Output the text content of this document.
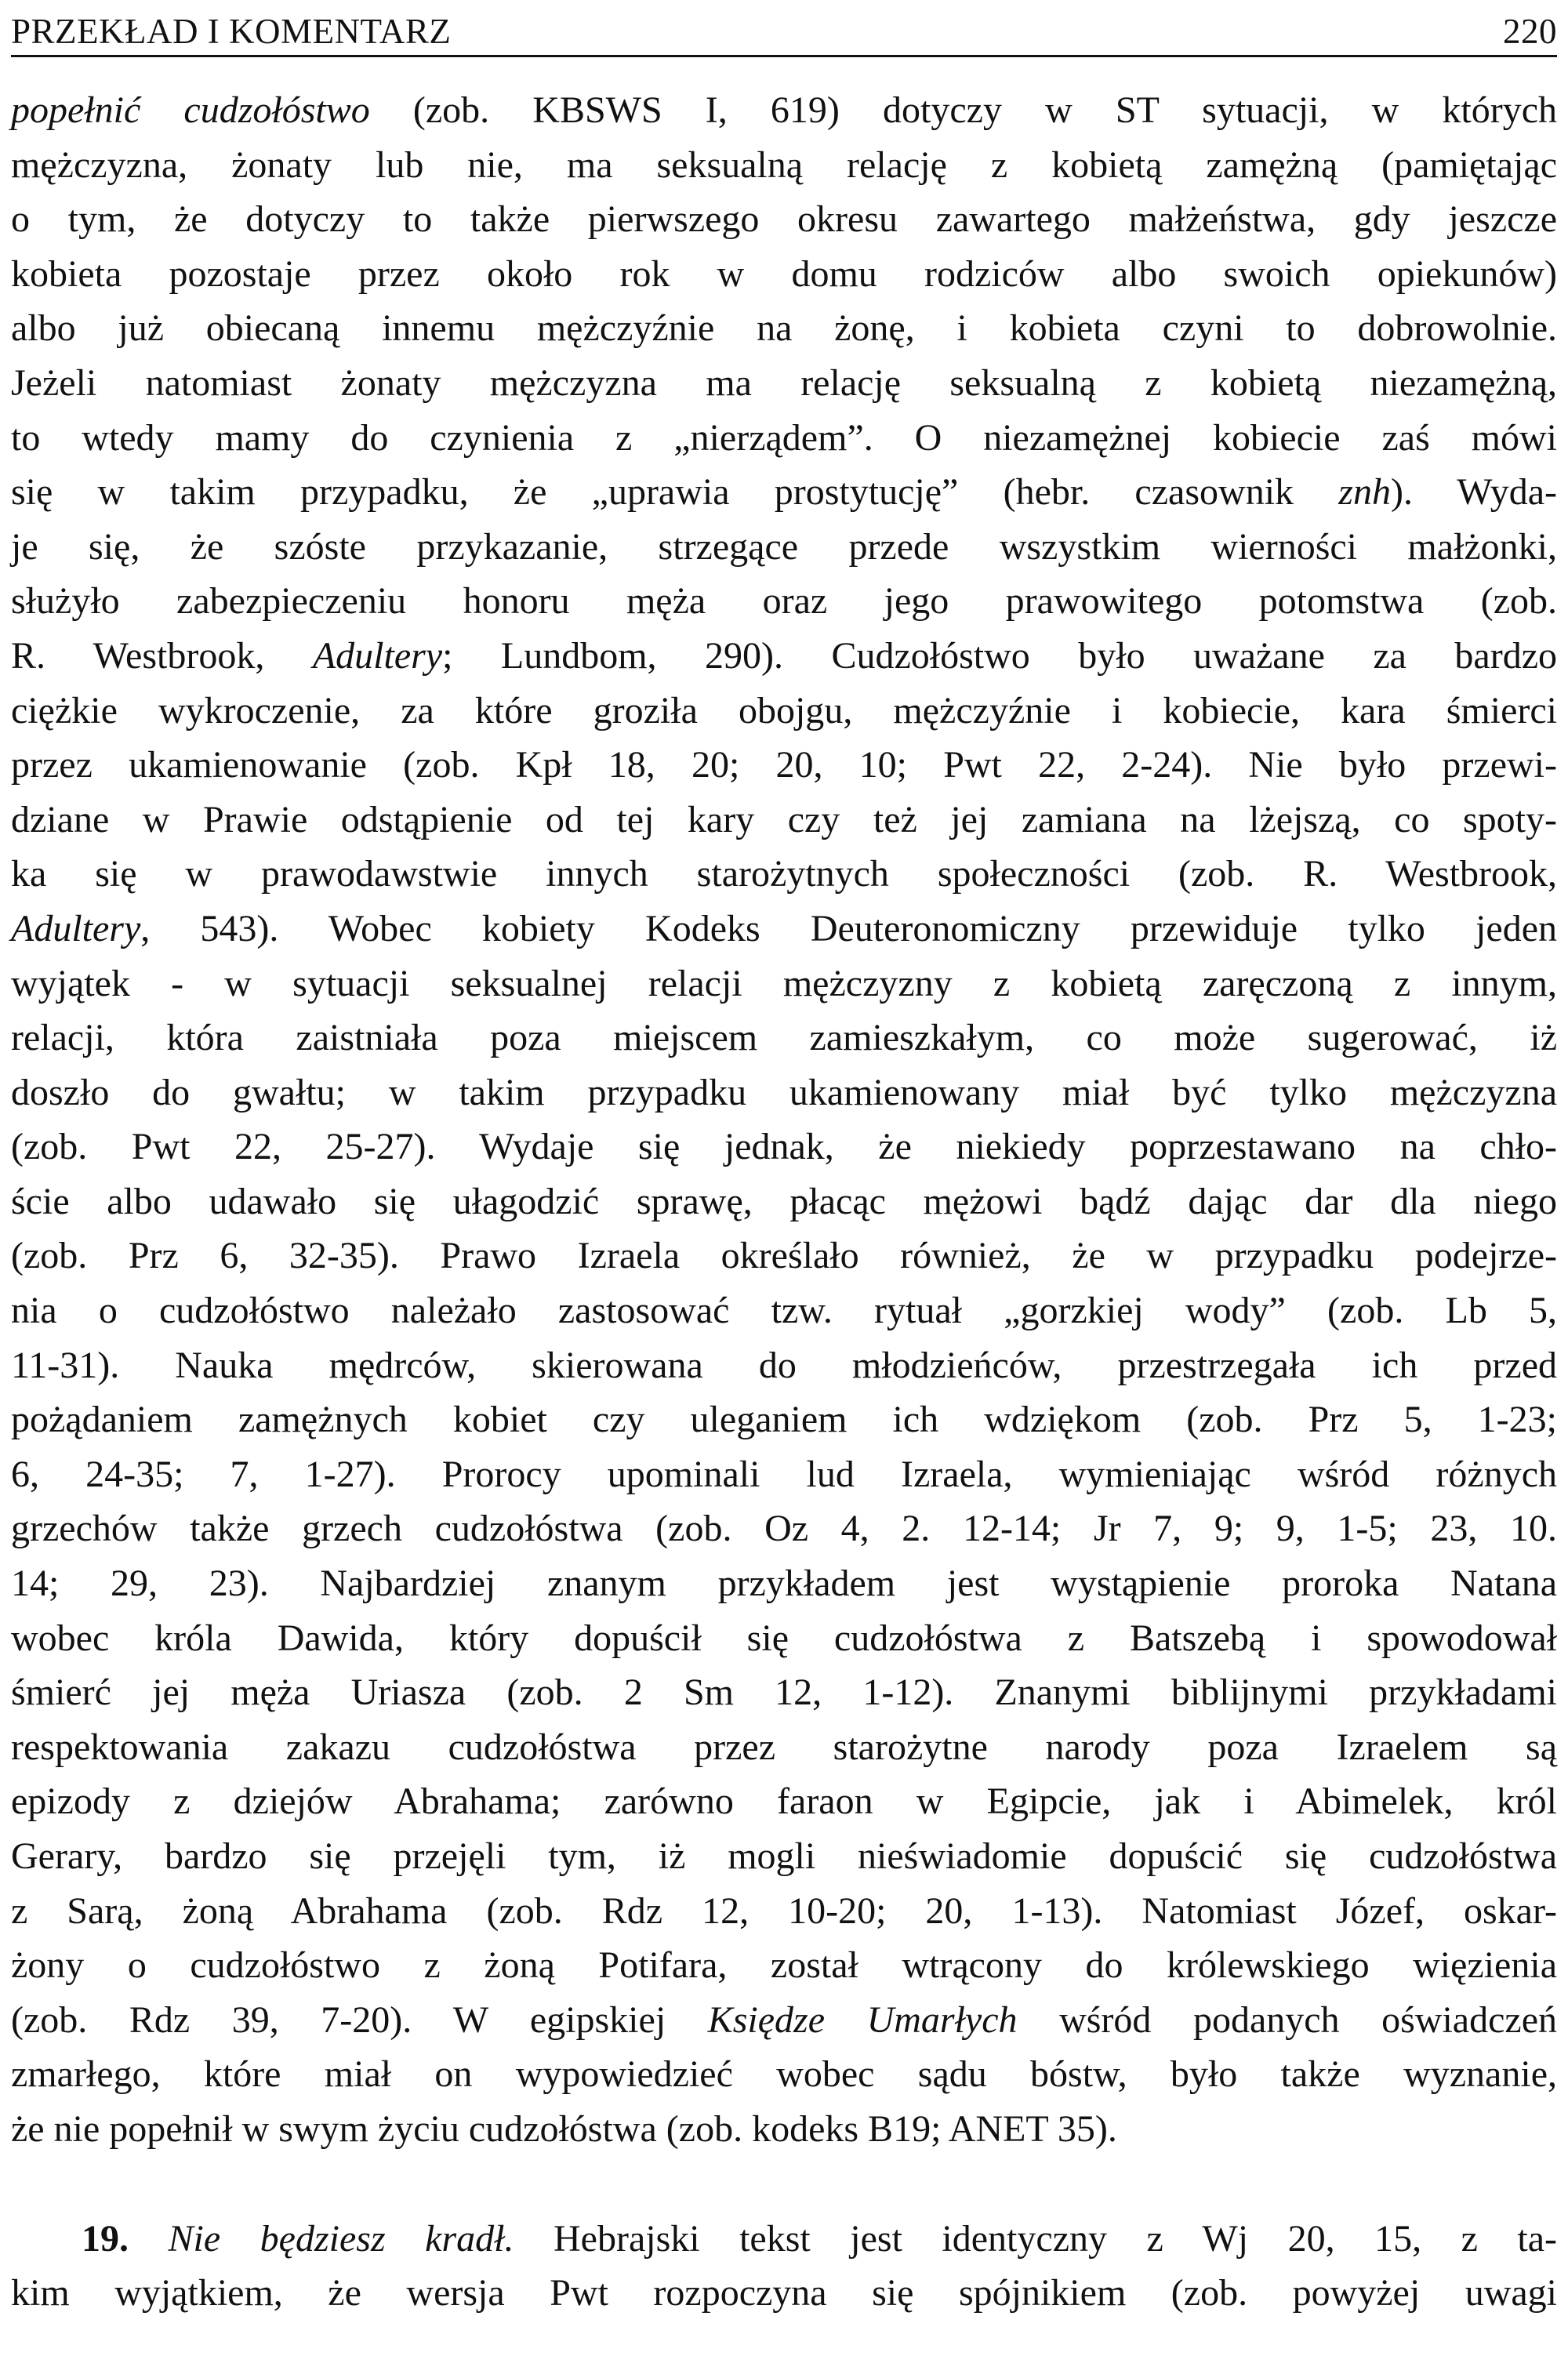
PRZEKŁAD I KOMENTARZ	220
popełnić cudzołóstwo (zob. KBSWS I, 619) dotyczy w ST sytuacji, w których
mężczyzna, żonaty lub nie, ma seksualną relację z kobietą zamężną (pamiętając
o tym, że dotyczy to także pierwszego okresu zawartego małżeństwa, gdy jeszcze
kobieta pozostaje przez około rok w domu rodziców albo swoich opiekunów)
albo już obiecaną innemu mężczyźnie na żonę, i kobieta czyni to dobrowolnie.
Jeżeli natomiast żonaty mężczyzna ma relację seksualną z kobietą niezamężną,
to wtedy mamy do czynienia z „nierządem”. O niezamężnej kobiecie zaś mówi
się w takim przypadku, że „uprawia prostytucję” (hebr. czasownik znh). Wyda-
je się, że szóste przykazanie, strzegące przede wszystkim wierności małżonki,
służyło zabezpieczeniu honoru męża oraz jego prawowitego potomstwa (zob.
R. Westbrook, Adultery; Lundbom, 290). Cudzołóstwo było uważane za bardzo
ciężkie wykroczenie, za które groziła obojgu, mężczyźnie i kobiecie, kara śmierci
przez ukamienowanie (zob. Kpł 18, 20; 20, 10; Pwt 22, 2-24). Nie było przewi-
dziane w Prawie odstąpienie od tej kary czy też jej zamiana na lżejszą, co spoty-
ka się w prawodawstwie innych starożytnych społeczności (zob. R. Westbrook,
Adultery, 543). Wobec kobiety Kodeks Deuteronomiczny przewiduje tylko jeden
wyjątek - w sytuacji seksualnej relacji mężczyzny z kobietą zaręczoną z innym,
relacji, która zaistniała poza miejscem zamieszkałym, co może sugerować, iż
doszło do gwałtu; w takim przypadku ukamienowany miał być tylko mężczyzna
(zob. Pwt 22, 25-27). Wydaje się jednak, że niekiedy poprzestawano na chło-
ście albo udawało się ułagodzić sprawę, płacąc mężowi bądź dając dar dla niego
(zob. Prz 6, 32-35). Prawo Izraela określało również, że w przypadku podejrze-
nia o cudzołóstwo należało zastosować tzw. rytuał „gorzkiej wody” (zob. Lb 5,
11-31). Nauka mędrców, skierowana do młodzieńców, przestrzegała ich przed
pożądaniem zamężnych kobiet czy uleganiem ich wdziękom (zob. Prz 5, 1-23;
6, 24-35; 7, 1-27). Prorocy upominali lud Izraela, wymieniając wśród różnych
grzechów także grzech cudzołóstwa (zob. Oz 4, 2. 12-14; Jr 7, 9; 9, 1-5; 23, 10.
14; 29, 23). Najbardziej znanym przykładem jest wystąpienie proroka Natana
wobec króla Dawida, który dopuścił się cudzołóstwa z Batszebą i spowodował
śmierć jej męża Uriasza (zob. 2 Sm 12, 1-12). Znanymi biblijnymi przykładami
respektowania zakazu cudzołóstwa przez starożytne narody poza Izraelem są
epizody z dziejów Abrahama; zarówno faraon w Egipcie, jak i Abimelek, król
Gerary, bardzo się przejęli tym, iż mogli nieświadomie dopuścić się cudzołóstwa
z Sarą, żoną Abrahama (zob. Rdz 12, 10-20; 20, 1-13). Natomiast Józef, oskar-
żony o cudzołóstwo z żoną Potifara, został wtrącony do królewskiego więzienia
(zob. Rdz 39, 7-20). W egipskiej Księdze Umarłych wśród podanych oświadczeń
zmarłego, które miał on wypowiedzieć wobec sądu bóstw, było także wyznanie,
że nie popełnił w swym życiu cudzołóstwa (zob. kodeks B19; ANET 35).
19. Nie będziesz kradł. Hebrajski tekst jest identyczny z Wj 20, 15, z ta-
kim wyjątkiem, że wersja Pwt rozpoczyna się spójnikiem (zob. powyżej uwagi
